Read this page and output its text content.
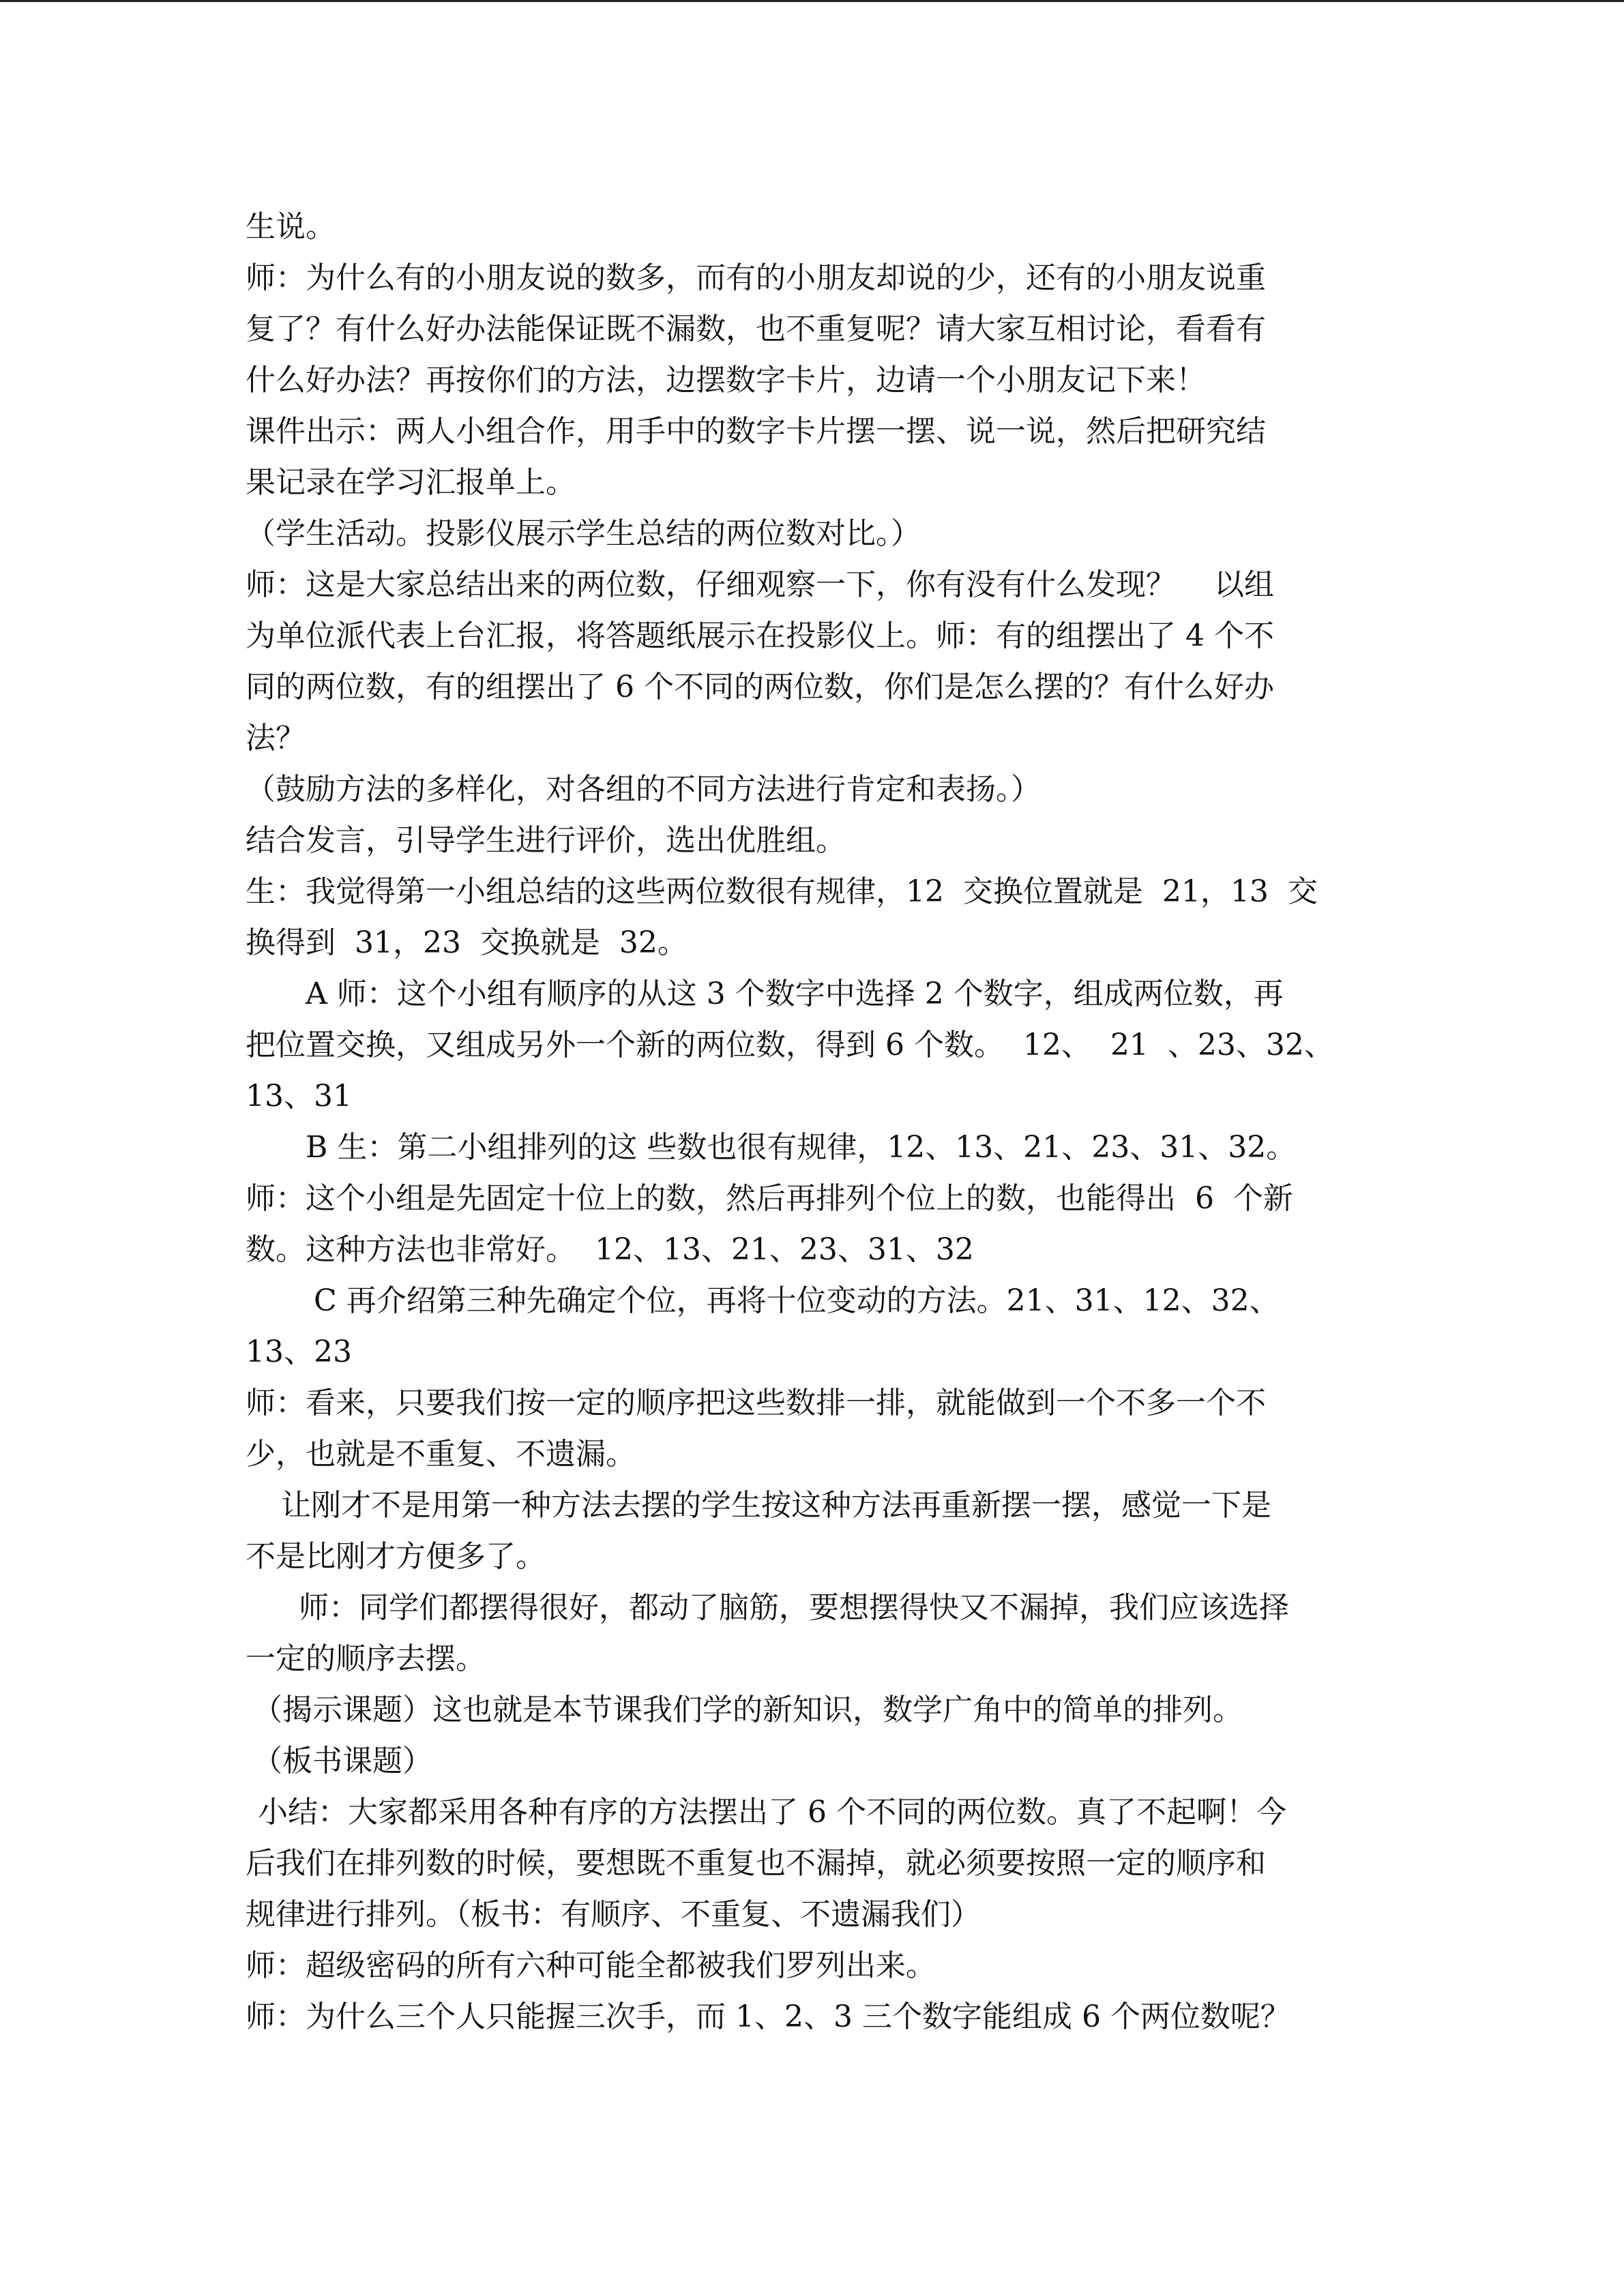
生说。
师：为什么有的小朋友说的数多，而有的小朋友却说的少，还有的小朋友说重
复了？有什么好办法能保证既不漏数，也不重复呢？请大家互相讨论，看看有
什么好办法？再按你们的方法，边摆数字卡片，边请一个小朋友记下来！
课件出示：两人小组合作，用手中的数字卡片摆一摆、说一说，然后把研究结
果记录在学习汇报单上。
（学生活动。投影仪展示学生总结的两位数对比。）
师：这是大家总结出来的两位数，仔细观察一下，你有没有什么发现？    以组
为单位派代表上台汇报，将答题纸展示在投影仪上。师：有的组摆出了 4 个不
同的两位数，有的组摆出了 6 个不同的两位数，你们是怎么摆的？有什么好办
法？
（鼓励方法的多样化，对各组的不同方法进行肯定和表扬。）
结合发言，引导学生进行评价，选出优胜组。
生：我觉得第一小组总结的这些两位数很有规律，12  交换位置就是  21，13  交
换得到  31，23  交换就是  32。
A 师：这个小组有顺序的从这 3 个数字中选择 2 个数字，组成两位数，再
把位置交换，又组成另外一个新的两位数，得到 6 个数。  12、  21  、23、32、
13、31
B 生：第二小组排列的这 些数也很有规律，12、13、21、23、31、32。
师：这个小组是先固定十位上的数，然后再排列个位上的数，也能得出  6  个新
数。这种方法也非常好。  12、13、21、23、31、32
C 再介绍第三种先确定个位，再将十位变动的方法。21、31、12、32、
13、23
师：看来，只要我们按一定的顺序把这些数排一排，就能做到一个不多一个不
少，也就是不重复、不遗漏。
让刚才不是用第一种方法去摆的学生按这种方法再重新摆一摆，感觉一下是
不是比刚才方便多了。
师：同学们都摆得很好，都动了脑筋，要想摆得快又不漏掉，我们应该选择
一定的顺序去摆。
（揭示课题）这也就是本节课我们学的新知识，数学广角中的简单的排列。
（板书课题）
小结：大家都采用各种有序的方法摆出了 6 个不同的两位数。真了不起啊！今
后我们在排列数的时候，要想既不重复也不漏掉，就必须要按照一定的顺序和
规律进行排列。（板书：有顺序、不重复、不遗漏我们）
师：超级密码的所有六种可能全都被我们罗列出来。
师：为什么三个人只能握三次手，而 1、2、3 三个数字能组成 6 个两位数呢？
